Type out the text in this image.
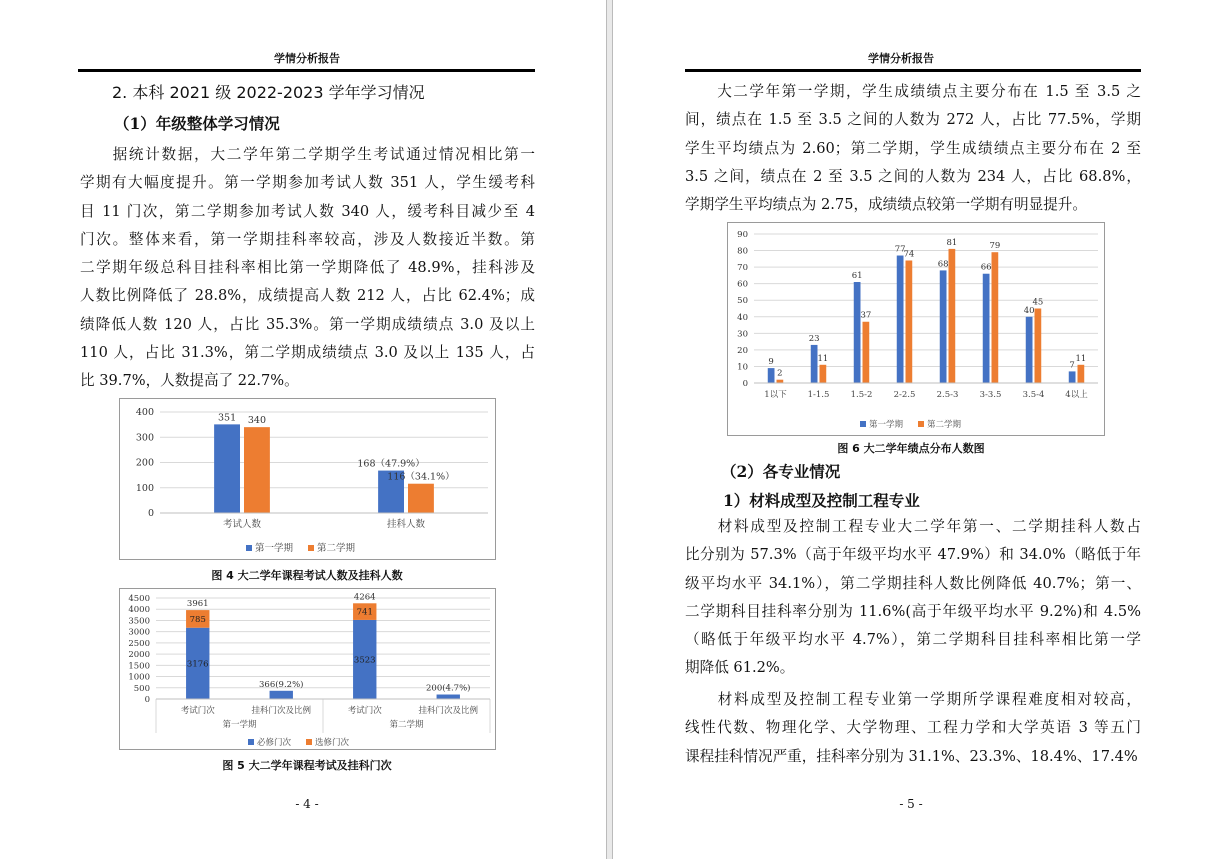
学情分析报告
2. 本科 2021 级 2022-2023 学年学习情况
（1）年级整体学习情况
　　据统计数据，大二学年第二学期学生考试通过情况相比第一
学期有大幅度提升。第一学期参加考试人数 351 人，学生缓考科
目 11 门次，第二学期参加考试人数 340 人，缓考科目减少至 4
门次。整体来看，第一学期挂科率较高，涉及人数接近半数。第
二学期年级总科目挂科率相比第一学期降低了 48.9%，挂科涉及
人数比例降低了 28.8%，成绩提高人数 212 人，占比 62.4%；成
绩降低人数 120 人，占比 35.3%。第一学期成绩绩点 3.0 及以上
110 人，占比 31.3%，第二学期成绩绩点 3.0 及以上 135 人，占
比 39.7%，人数提高了 22.7%。
0
100
200
300
400
考试人数	挂科人数
351
168（47.9%）
340
116（34.1%）
第一学期	第二学期
图 4 大二学年课程考试人数及挂科人数
0
500
1000
1500
2000
2500
3000
3500
4000
4500
考试门次	挂科门次及比例	考试门次	挂科门次及比例
3176
785
3961
366(9.2%)
3523
741
4264
200(4.7%)
第一学期	第二学期
必修门次	选修门次
图 5 大二学年课程考试及挂科门次
- 4 -
学情分析报告
　　大二学年第一学期，学生成绩绩点主要分布在 1.5 至 3.5 之
间，绩点在 1.5 至 3.5 之间的人数为 272 人，占比 77.5%，学期
学生平均绩点为 2.60；第二学期，学生成绩绩点主要分布在 2 至
3.5 之间，绩点在 2 至 3.5 之间的人数为 234 人，占比 68.8%，
学期学生平均绩点为 2.75，成绩绩点较第一学期有明显提升。
0
10
20
30
40
50
60
70
80
90
1以下 1-1.5 1.5-2 2-2.5 2.5-3 3-3.5 3.5-4 4以上
9
23
61
77
68	66
40
7
2
11
37
74
81	79
45
11
第一学期	第二学期
图 6 大二学年绩点分布人数图
（2）各专业情况
1）材料成型及控制工程专业
　　材料成型及控制工程专业大二学年第一、二学期挂科人数占
比分别为 57.3%（高于年级平均水平 47.9%）和 34.0%（略低于年
级平均水平 34.1%），第二学期挂科人数比例降低 40.7%；第一、
二学期科目挂科率分别为 11.6%(高于年级平均水平 9.2%)和 4.5%
（略低于年级平均水平 4.7%），第二学期科目挂科率相比第一学
期降低 61.2%。
　　材料成型及控制工程专业第一学期所学课程难度相对较高，
线性代数、物理化学、大学物理、工程力学和大学英语 3 等五门
课程挂科情况严重，挂科率分别为 31.1%、23.3%、18.4%、17.4%
- 5 -
